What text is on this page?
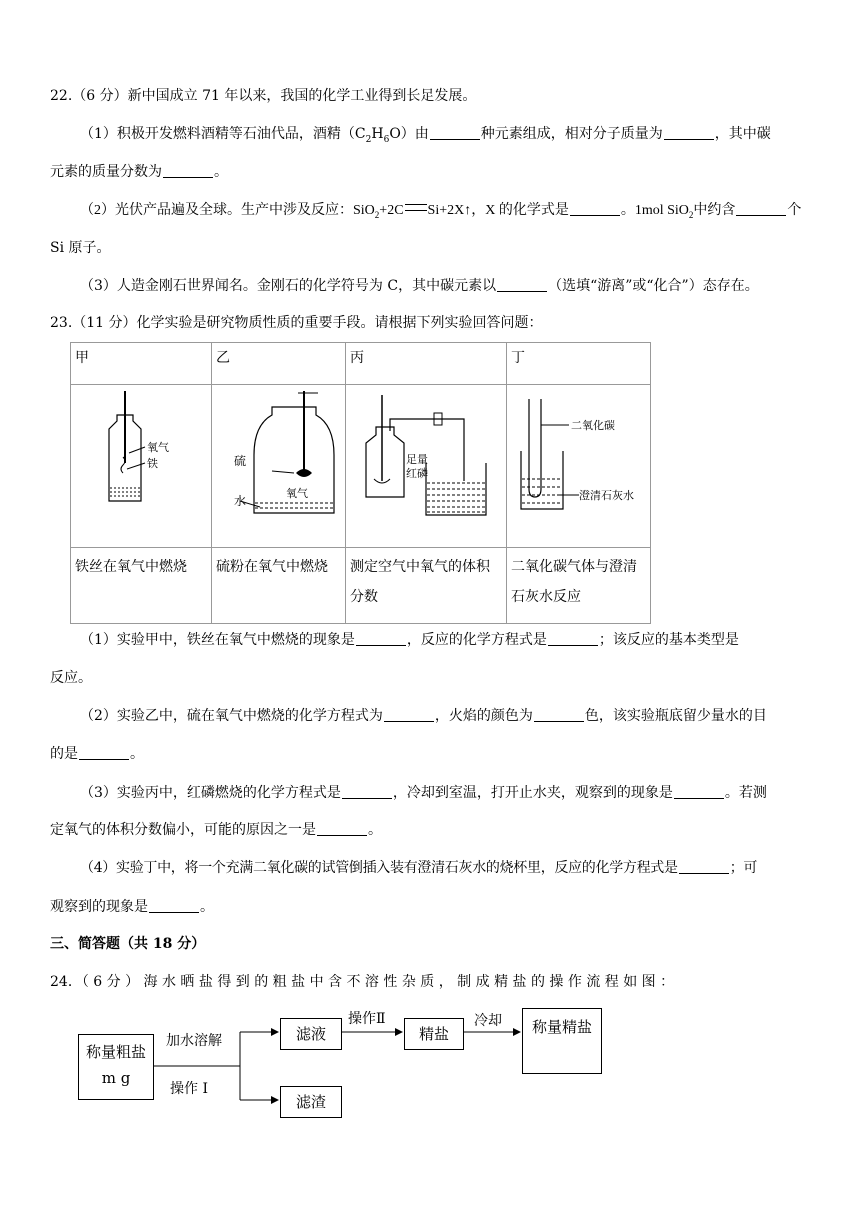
22.（6 分）新中国成立 71 年以来，我国的化学工业得到长足发展。
（1）积极开发燃料酒精等石油代品，酒精$(C_2H_6O)$由	种元素组成，相对分子质量为	，其中碳
元素的质量分数为	。
（2）光伏产品遍及全球。生产中涉及反应：SiO$_2$+2C Si+2X↑，X 的化学式是	。1mol SiO$_2$中约含	个
Si 原子。
（3）人造金刚石世界闻名。金刚石的化学符号为 C，其中碳元素以	（选填“游离”或“化合”）态存在。
23.（11 分）化学实验是研究物质性质的重要手段。请根据下列实验回答问题：
甲	乙	丙	丁

氧气
铁	硫
氧气
水	足量
红磷	二氧化碳
澄清石灰水

铁丝在氧气中燃烧	硫粉在氧气中燃烧	测定空气中氧气的体积分数	二氧化碳气体与澄清石灰水反应
（1）实验甲中，铁丝在氧气中燃烧的现象是	，反应的化学方程式是	；该反应的基本类型是
反应。
（2）实验乙中，硫在氧气中燃烧的化学方程式为	，火焰的颜色为	色，该实验瓶底留少量水的目
的是	。
（3）实验丙中，红磷燃烧的化学方程式是	，冷却到室温，打开止水夹，观察到的现象是	。若测
定氧气的体积分数偏小，可能的原因之一是	。
（4）实验丁中，将一个充满二氧化碳的试管倒插入装有澄清石灰水的烧杯里，反应的化学方程式是	；可
观察到的现象是	。
三、简答题（共 18 分）
24．（ 6 分 ） 海 水 晒 盐 得 到 的 粗 盐 中 含 不 溶 性 杂 质 ， 制 成 精 盐 的 操 作 流 程 如 图 ：
称量粗盐 m g
加水溶解
操作 Ⅰ
滤液
滤渣
操作Ⅱ
精盐
冷却	称量精盐
